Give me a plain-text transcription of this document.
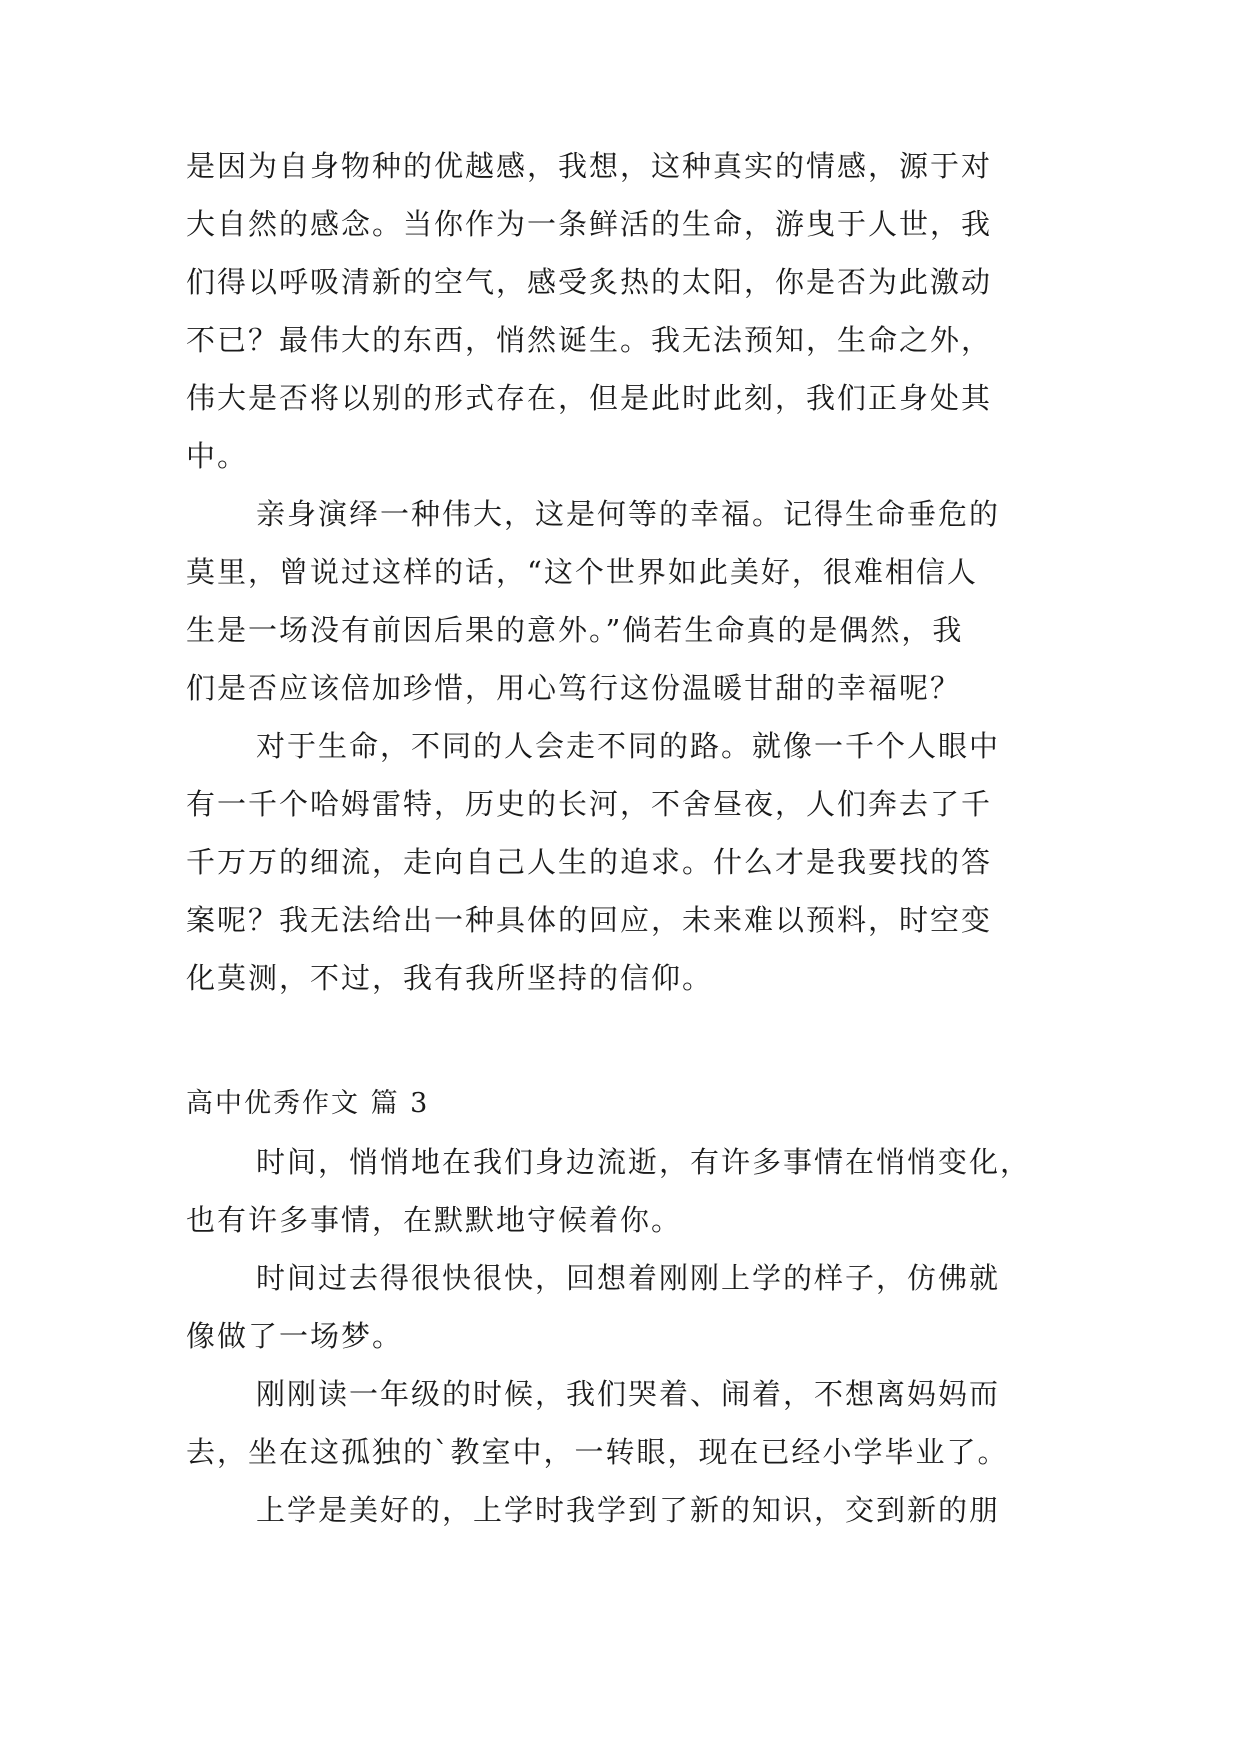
是因为自身物种的优越感，我想，这种真实的情感，源于对
大自然的感念。当你作为一条鲜活的生命，游曳于人世，我
们得以呼吸清新的空气，感受炙热的太阳，你是否为此激动
不已？最伟大的东西，悄然诞生。我无法预知，生命之外，
伟大是否将以别的形式存在，但是此时此刻，我们正身处其
中。
亲身演绎一种伟大，这是何等的幸福。记得生命垂危的
莫里，曾说过这样的话，“这个世界如此美好，很难相信人
生是一场没有前因后果的意外。”倘若生命真的是偶然，我
们是否应该倍加珍惜，用心笃行这份温暖甘甜的幸福呢？
对于生命，不同的人会走不同的路。就像一千个人眼中
有一千个哈姆雷特，历史的长河，不舍昼夜，人们奔去了千
千万万的细流，走向自己人生的追求。什么才是我要找的答
案呢？我无法给出一种具体的回应，未来难以预料，时空变
化莫测，不过，我有我所坚持的信仰。
高中优秀作文 篇 3
时间，悄悄地在我们身边流逝，有许多事情在悄悄变化，
也有许多事情，在默默地守候着你。
时间过去得很快很快，回想着刚刚上学的样子，仿佛就
像做了一场梦。
刚刚读一年级的时候，我们哭着、闹着，不想离妈妈而
去，坐在这孤独的`教室中，一转眼，现在已经小学毕业了。
上学是美好的，上学时我学到了新的知识，交到新的朋
